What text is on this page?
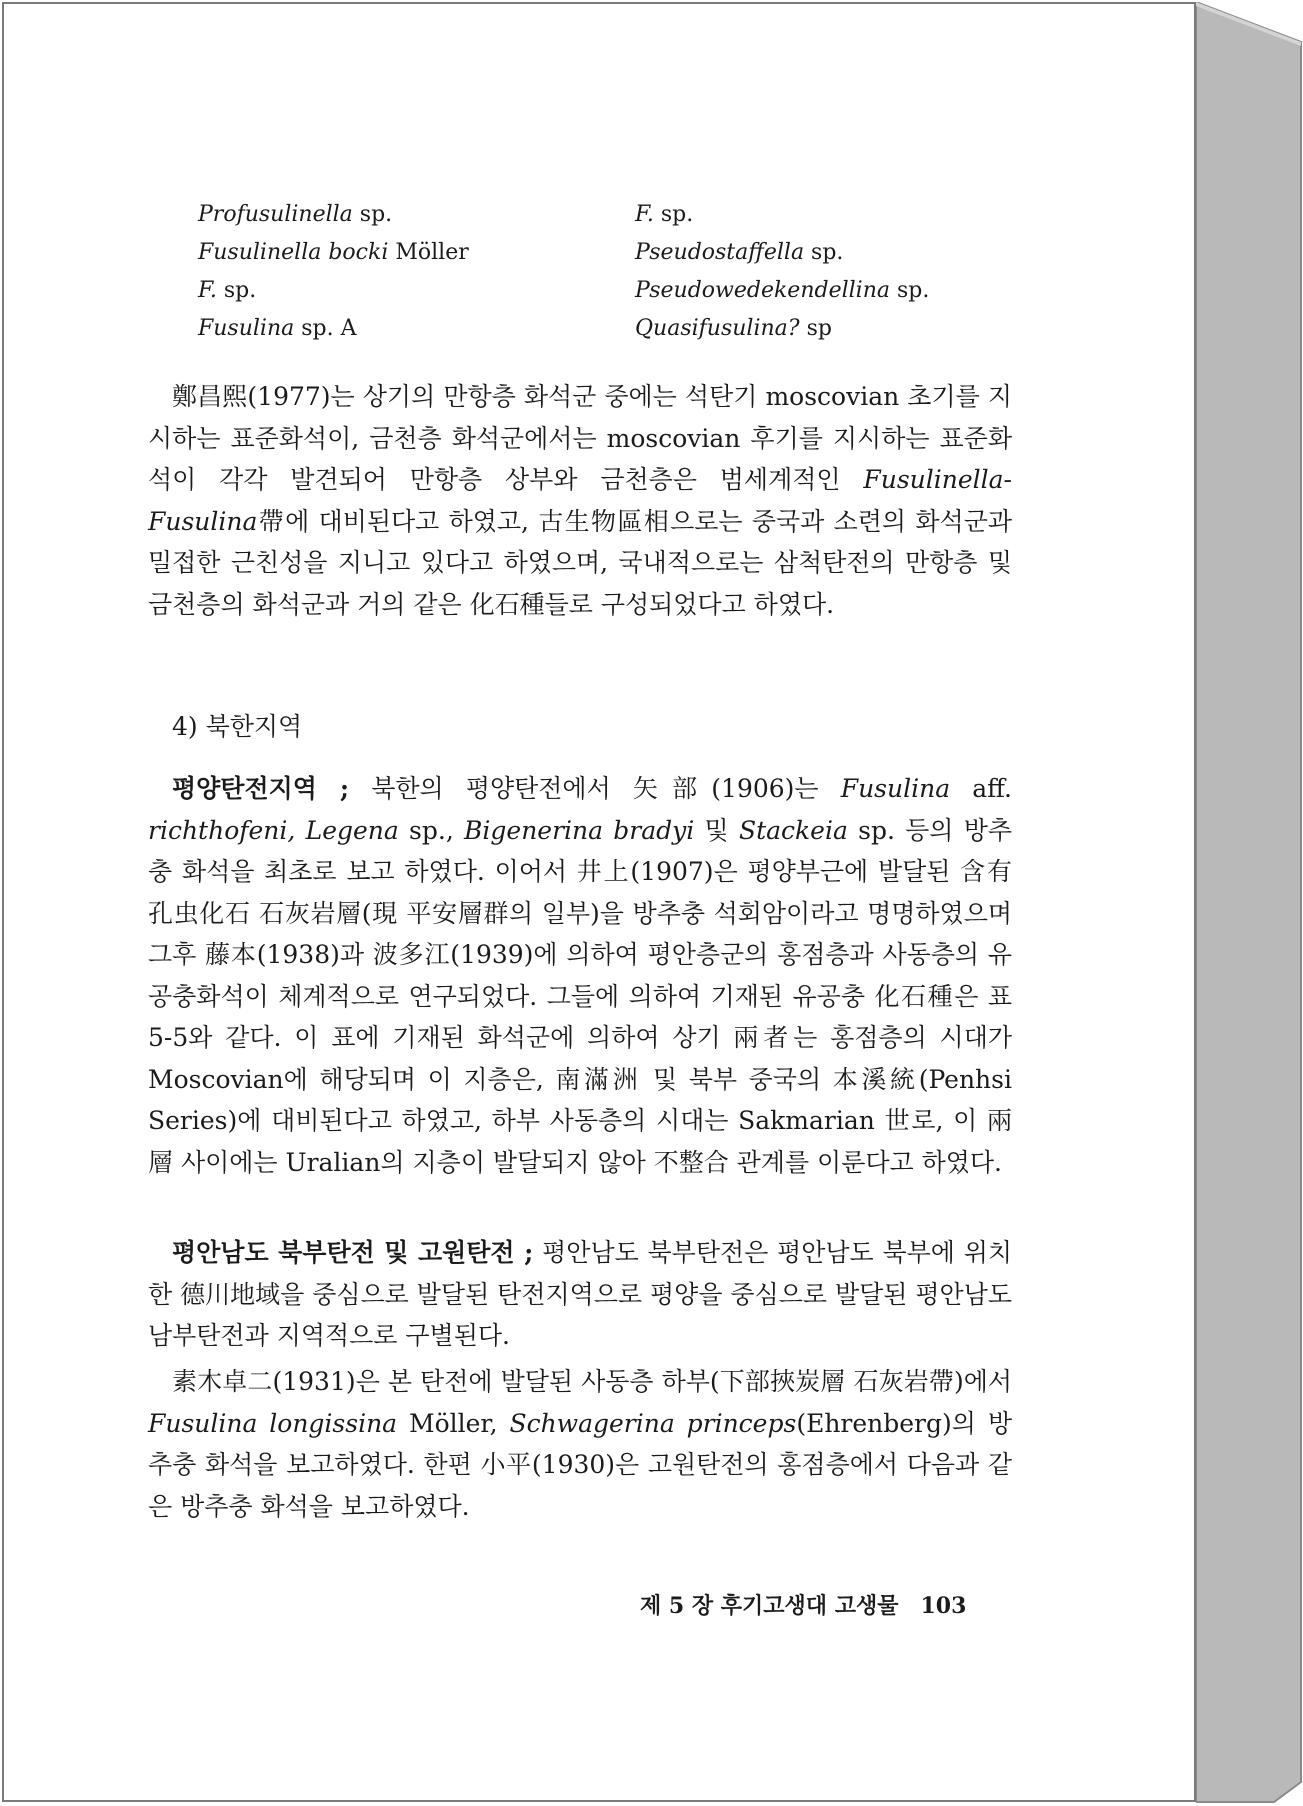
Profusulinella sp.	F. sp.
Fusulinella bocki Möller	Pseudostaffella sp.
F. sp.	Pseudowedekendellina sp.
Fusulina sp. A	Quasifusulina? sp

鄭昌熙(1977)는 상기의 만항층 화석군 중에는 석탄기 moscovian 초기를 지시하는 표준화석이, 금천층 화석군에서는 moscovian 후기를 지시하는 표준화석이 각각 발견되어 만항층 상부와 금천층은 범세계적인 Fusulinella-Fusulina帶에 대비된다고 하였고, 古生物區相으로는 중국과 소련의 화석군과 밀접한 근친성을 지니고 있다고 하였으며, 국내적으로는 삼척탄전의 만항층 및 금천층의 화석군과 거의 같은 化石種들로 구성되었다고 하였다.

4) 북한지역

평양탄전지역 ; 북한의 평양탄전에서 矢部(1906)는 Fusulina aff. richthofeni, Legena sp., Bigenerina bradyi 및 Stackeia sp. 등의 방추충 화석을 최초로 보고 하였다. 이어서 井上(1907)은 평양부근에 발달된 含有孔虫化石 石灰岩層(現 平安層群의 일부)을 방추충 석회암이라고 명명하였으며 그후 藤本(1938)과 波多江(1939)에 의하여 평안층군의 홍점층과 사동층의 유공충화석이 체계적으로 연구되었다. 그들에 의하여 기재된 유공충 化石種은 표 5-5와 같다. 이 표에 기재된 화석군에 의하여 상기 兩者는 홍점층의 시대가 Moscovian에 해당되며 이 지층은, 南滿洲 및 북부 중국의 本溪統(Penhsi Series)에 대비된다고 하였고, 하부 사동층의 시대는 Sakmarian 世로, 이 兩層 사이에는 Uralian의 지층이 발달되지 않아 不整合 관계를 이룬다고 하였다.

평안남도 북부탄전 및 고원탄전 ; 평안남도 북부탄전은 평안남도 북부에 위치한 德川地域을 중심으로 발달된 탄전지역으로 평양을 중심으로 발달된 평안남도 남부탄전과 지역적으로 구별된다.

素木卓二(1931)은 본 탄전에 발달된 사동층 하부(下部挾炭層 石灰岩帶)에서 Fusulina longissina Möller, Schwagerina princeps(Ehrenberg)의 방추충 화석을 보고하였다. 한편 小平(1930)은 고원탄전의 홍점층에서 다음과 같은 방추충 화석을 보고하였다.

제 5 장 후기고생대 고생물 103
